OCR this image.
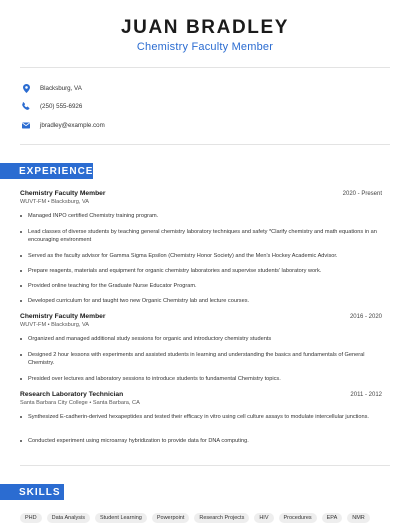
JUAN BRADLEY
Chemistry Faculty Member
Blacksburg, VA
(250) 555-6926
jbradley@example.com
EXPERIENCE
Chemistry Faculty Member	2020 - Present
WUVT-FM • Blacksburg, VA
Managed INPO certified Chemistry training program.
Lead classes of diverse students by teaching general chemistry laboratory techniques and safety *Clarify chemistry and math equations in an encouraging environment
Served as the faculty advisor for Gamma Sigma Epsilon (Chemistry Honor Society) and the Men's Hockey Academic Advisor.
Prepare reagents, materials and equipment for organic chemistry laboratories and supervise students' laboratory work.
Provided online teaching for the Graduate Nurse Educator Program.
Developed curriculum for and taught two new Organic Chemistry lab and lecture courses.
Chemistry Faculty Member	2016 - 2020
WUVT-FM • Blacksburg, VA
Organized and managed additional study sessions for organic and introductory chemistry students
Designed 2 hour lessons with experiments and assisted students in learning and understanding the basics and fundamentals of General Chemistry.
Presided over lectures and laboratory sessions to introduce students to fundamental Chemistry topics.
Research Laboratory Technician	2011 - 2012
Santa Barbara City College • Santa Barbara, CA
Synthesized E-cadherin-derived hexapeptides and tested their efficacy in vitro using cell culture assays to modulate intercellular junctions.
Conducted experiment using microarray hybridization to provide data for DNA computing.
SKILLS
PHD	Data Analysis	Student Learning	Powerpoint	Research Projects	HIV	Procedures	EPA	NMR
